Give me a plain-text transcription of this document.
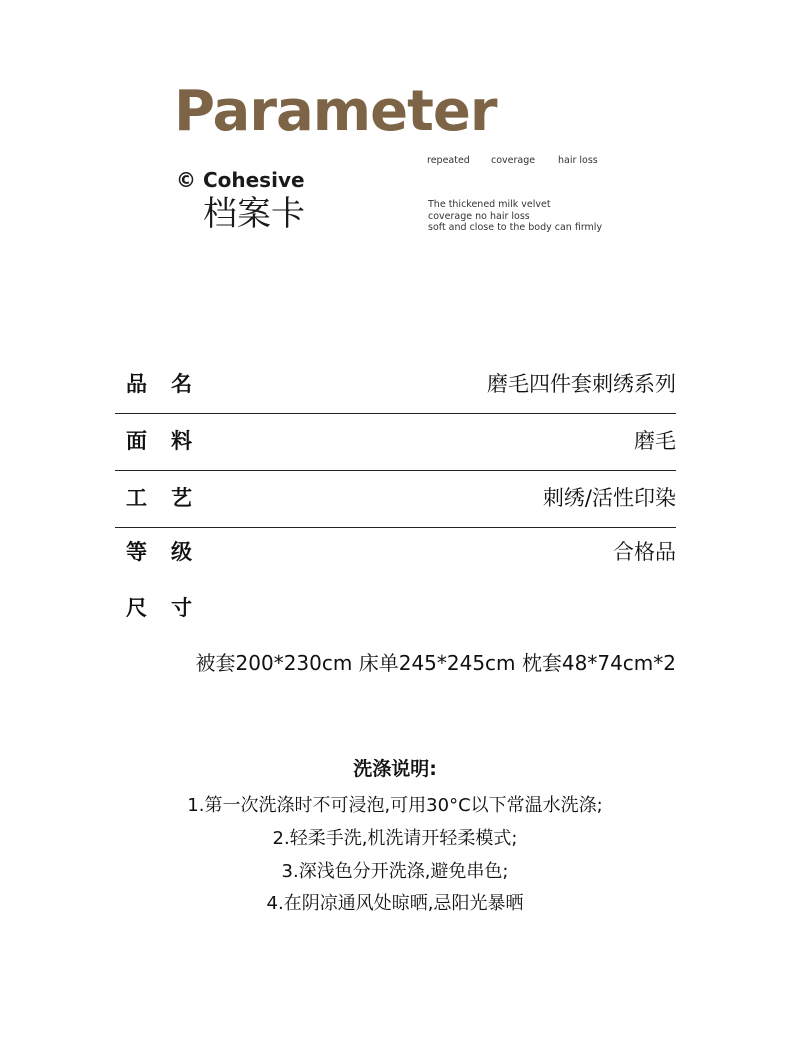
Parameter
© Cohesive
档案卡
repeated coverage hair loss
The thickened milk velvet
coverage no hair loss
soft and close to the body can firmly
品名	磨毛四件套刺绣系列
面料	磨毛
工艺	刺绣/活性印染
等级	合格品
尺寸
被套200*230cm 床单245*245cm 枕套48*74cm*2
洗涤说明:
1.第一次洗涤时不可浸泡,可用30°C以下常温水洗涤;
2.轻柔手洗,机洗请开轻柔模式;
3.深浅色分开洗涤,避免串色;
4.在阴凉通风处晾晒,忌阳光暴晒
